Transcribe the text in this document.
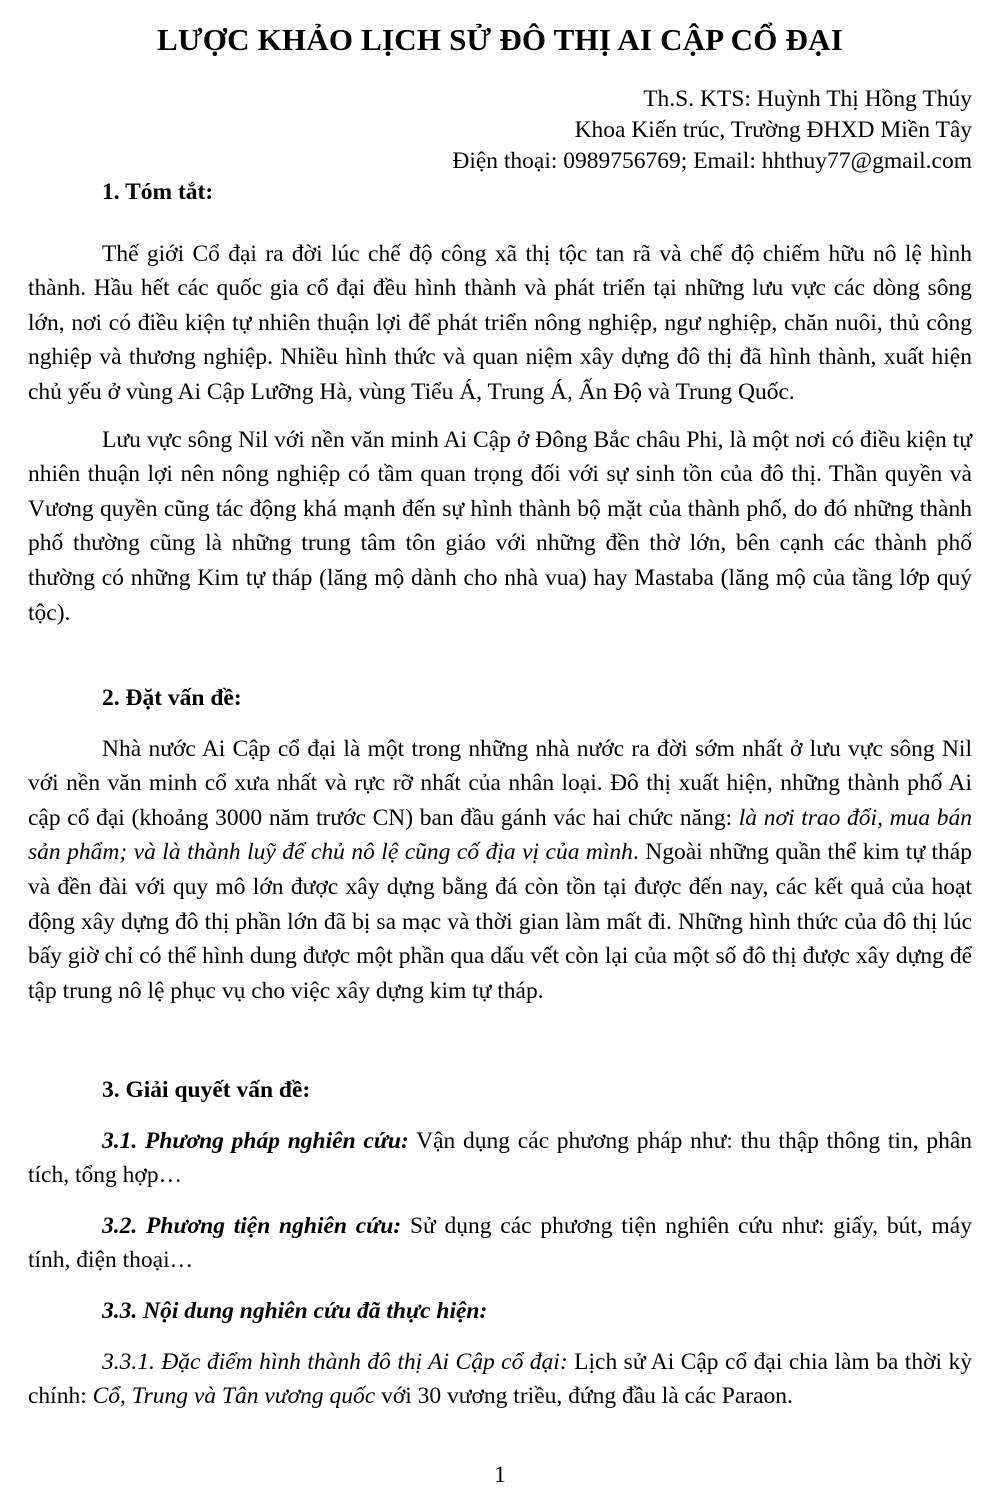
LƯỢC KHẢO LỊCH SỬ ĐÔ THỊ AI CẬP CỔ ĐẠI
Th.S. KTS: Huỳnh Thị Hồng Thúy
Khoa Kiến trúc, Trường ĐHXD Miền Tây
Điện thoại: 0989756769; Email: hhthuy77@gmail.com
1. Tóm tắt:

Thế giới Cổ đại ra đời lúc chế độ công xã thị tộc tan rã và chế độ chiếm hữu nô lệ hình thành. Hầu hết các quốc gia cổ đại đều hình thành và phát triển tại những lưu vực các dòng sông lớn, nơi có điều kiện tự nhiên thuận lợi để phát triển nông nghiệp, ngư nghiệp, chăn nuôi, thủ công nghiệp và thương nghiệp. Nhiều hình thức và quan niệm xây dựng đô thị đã hình thành, xuất hiện chủ yếu ở vùng Ai Cập Lưỡng Hà, vùng Tiểu Á, Trung Á, Ấn Độ và Trung Quốc.

Lưu vực sông Nil với nền văn minh Ai Cập ở Đông Bắc châu Phi, là một nơi có điều kiện tự nhiên thuận lợi nên nông nghiệp có tầm quan trọng đối với sự sinh tồn của đô thị. Thần quyền và Vương quyền cũng tác động khá mạnh đến sự hình thành bộ mặt của thành phố, do đó những thành phố thường cũng là những trung tâm tôn giáo với những đền thờ lớn, bên cạnh các thành phố thường có những Kim tự tháp (lăng mộ dành cho nhà vua) hay Mastaba (lăng mộ của tầng lớp quý tộc).

2. Đặt vấn đề:

Nhà nước Ai Cập cổ đại là một trong những nhà nước ra đời sớm nhất ở lưu vực sông Nil với nền văn minh cổ xưa nhất và rực rỡ nhất của nhân loại. Đô thị xuất hiện, những thành phố Ai cập cổ đại (khoảng 3000 năm trước CN) ban đầu gánh vác hai chức năng: là nơi trao đổi, mua bán sản phẩm; và là thành luỹ để chủ nô lệ cũng cố địa vị của mình. Ngoài những quần thể kim tự tháp và đền đài với quy mô lớn được xây dựng bằng đá còn tồn tại được đến nay, các kết quả của hoạt động xây dựng đô thị phần lớn đã bị sa mạc và thời gian làm mất đi. Những hình thức của đô thị lúc bấy giờ chỉ có thể hình dung được một phần qua dấu vết còn lại của một số đô thị được xây dựng để tập trung nô lệ phục vụ cho việc xây dựng kim tự tháp.

3. Giải quyết vấn đề:

3.1. Phương pháp nghiên cứu: Vận dụng các phương pháp như: thu thập thông tin, phân tích, tổng hợp…

3.2. Phương tiện nghiên cứu: Sử dụng các phương tiện nghiên cứu như: giấy, bút, máy tính, điện thoại…

3.3. Nội dung nghiên cứu đã thực hiện:

3.3.1. Đặc điểm hình thành đô thị Ai Cập cổ đại: Lịch sử Ai Cập cổ đại chia làm ba thời kỳ chính: Cổ, Trung và Tân vương quốc với 30 vương triều, đứng đầu là các Paraon.

1
